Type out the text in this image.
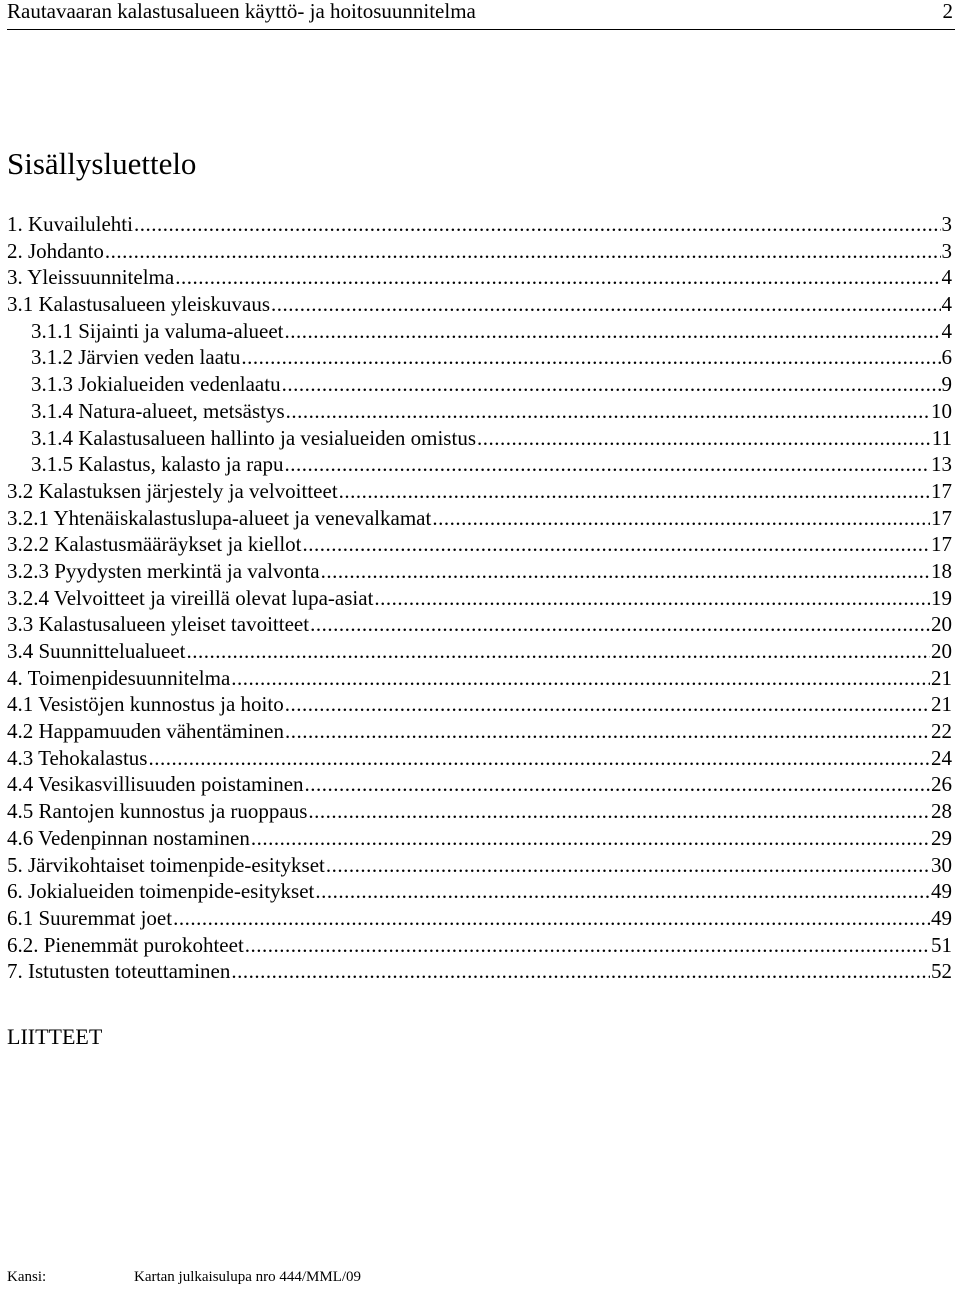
Rautavaaran kalastusalueen käyttö- ja hoitosuunnitelma	2
Sisällysluettelo
1. Kuvailulehti .....	3
2. Johdanto .....	3
3. Yleissuunnitelma .....	4
3.1 Kalastusalueen yleiskuvaus .....	4
3.1.1 Sijainti ja valuma-alueet .....	4
3.1.2 Järvien veden laatu .....	6
3.1.3 Jokialueiden vedenlaatu .....	9
3.1.4 Natura-alueet, metsästys .....	10
3.1.4 Kalastusalueen hallinto ja vesialueiden omistus .....	11
3.1.5 Kalastus, kalasto ja rapu .....	13
3.2 Kalastuksen järjestely ja velvoitteet .....	17
3.2.1 Yhtenäiskalastuslupa-alueet ja venevalkamat .....	17
3.2.2 Kalastusmääräykset ja kiellot .....	17
3.2.3 Pyydysten merkintä ja valvonta .....	18
3.2.4 Velvoitteet ja vireillä olevat lupa-asiat .....	19
3.3 Kalastusalueen yleiset tavoitteet .....	20
3.4 Suunnittelualueet .....	20
4. Toimenpidesuunnitelma .....	21
4.1 Vesistöjen kunnostus ja hoito .....	21
4.2 Happamuuden vähentäminen .....	22
4.3 Tehokalastus .....	24
4.4 Vesikasvillisuuden poistaminen .....	26
4.5 Rantojen kunnostus ja ruoppaus .....	28
4.6 Vedenpinnan nostaminen .....	29
5. Järvikohtaiset toimenpide-esitykset .....	30
6. Jokialueiden toimenpide-esitykset .....	49
6.1 Suuremmat joet .....	49
6.2. Pienemmät purokohteet .....	51
7. Istutusten toteuttaminen .....	52
LIITTEET
Kansi:	Kartan julkaisulupa nro 444/MML/09
